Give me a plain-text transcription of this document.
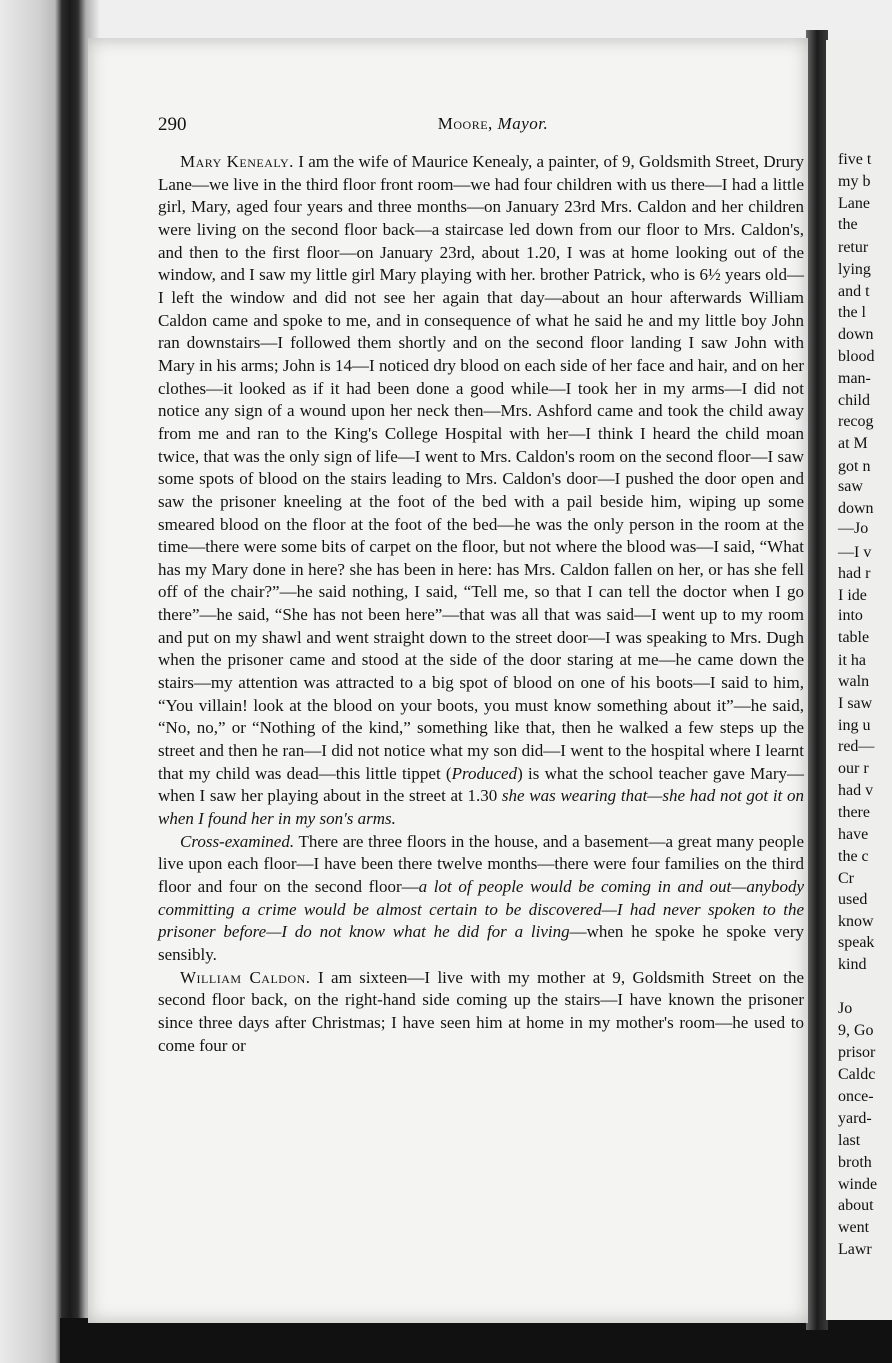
five t
my b
Lane
the
retur
lying
and t
the l
down
blood
man-
child
recog
at M
got n
saw
down
—Jo
—I v
had r
I ide
into
table
it ha
waln
I saw
ing u
red—
our r
had v
there
have
the c
Cr
used
know
speak
kind
Jo
9, Go
prisor
Caldc
once-
yard-
last
broth
winde
about
went
Lawr
290	Moore, Mayor.

Mary Kenealy. I am the wife of Maurice Kenealy, a painter, of 9, Goldsmith Street, Drury Lane—we live in the third floor front room—we had four children with us there—I had a little girl, Mary, aged four years and three months—on January 23rd Mrs. Caldon and her children were living on the second floor back—a staircase led down from our floor to Mrs. Caldon's, and then to the first floor—on January 23rd, about 1.20, I was at home looking out of the window, and I saw my little girl Mary playing with her. brother Patrick, who is 6½ years old—I left the window and did not see her again that day—about an hour afterwards William Caldon came and spoke to me, and in consequence of what he said he and my little boy John ran downstairs—I followed them shortly and on the second floor landing I saw John with Mary in his arms; John is 14—I noticed dry blood on each side of her face and hair, and on her clothes—it looked as if it had been done a good while—I took her in my arms—I did not notice any sign of a wound upon her neck then—Mrs. Ashford came and took the child away from me and ran to the King's College Hospital with her—I think I heard the child moan twice, that was the only sign of life—I went to Mrs. Caldon's room on the second floor—I saw some spots of blood on the stairs leading to Mrs. Caldon's door—I pushed the door open and saw the prisoner kneeling at the foot of the bed with a pail beside him, wiping up some smeared blood on the floor at the foot of the bed—he was the only person in the room at the time—there were some bits of carpet on the floor, but not where the blood was—I said, “What has my Mary done in here? she has been in here: has Mrs. Caldon fallen on her, or has she fell off of the chair?”—he said nothing, I said, “Tell me, so that I can tell the doctor when I go there”—he said, “She has not been here”—that was all that was said—I went up to my room and put on my shawl and went straight down to the street door—I was speaking to Mrs. Dugh when the prisoner came and stood at the side of the door staring at me—he came down the stairs—my attention was attracted to a big spot of blood on one of his boots—I said to him, “You villain! look at the blood on your boots, you must know something about it”—he said, “No, no,” or “Nothing of the kind,” something like that, then he walked a few steps up the street and then he ran—I did not notice what my son did—I went to the hospital where I learnt that my child was dead—this little tippet (Produced) is what the school teacher gave Mary—when I saw her playing about in the street at 1.30 she was wearing that—she had not got it on when I found her in my son's arms.

Cross-examined. There are three floors in the house, and a basement—a great many people live upon each floor—I have been there twelve months—there were four families on the third floor and four on the second floor—a lot of people would be coming in and out—anybody committing a crime would be almost certain to be discovered—I had never spoken to the prisoner before—I do not know what he did for a living—when he spoke he spoke very sensibly.

William Caldon. I am sixteen—I live with my mother at 9, Goldsmith Street on the second floor back, on the right-hand side coming up the stairs—I have known the prisoner since three days after Christmas; I have seen him at home in my mother's room—he used to come four or
